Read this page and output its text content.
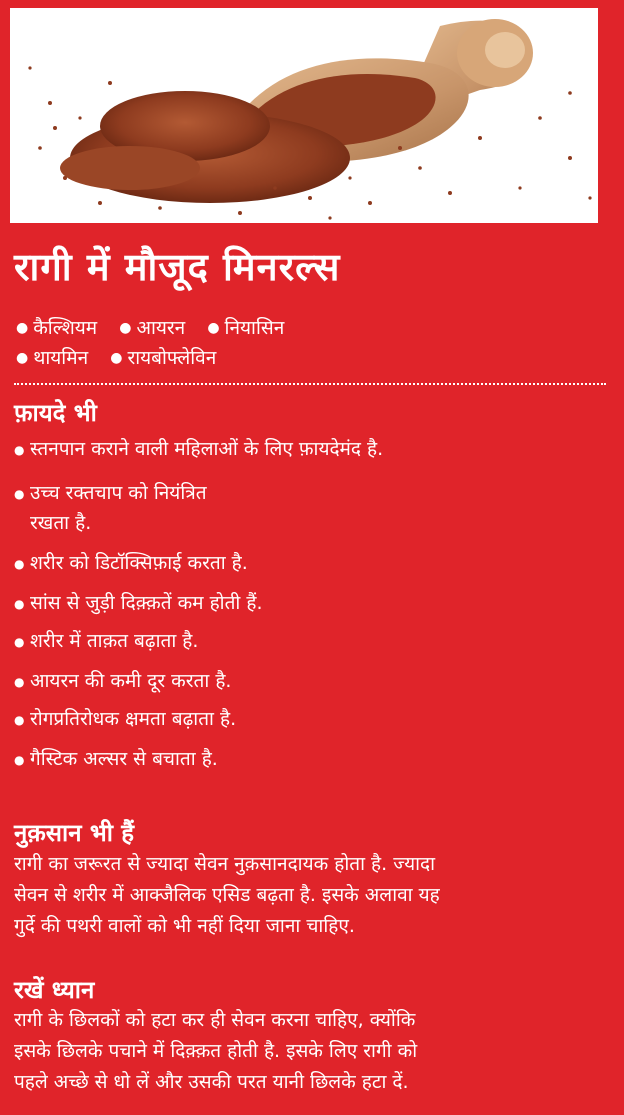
रागी में मौजूद मिनरल्स
● कैल्शियम ● आयरन ● नियासिन
● थायमिन ● रायबोफ्लेविन
फ़ायदे भी
● स्तनपान कराने वाली महिलाओं के लिए फ़ायदेमंद है.
● उच्च रक्तचाप को नियंत्रित
रखता है.
● शरीर को डिटॉक्सिफ़ाई करता है.
● सांस से जुड़ी दिक़्क़तें कम होती हैं.
● शरीर में ताक़त बढ़ाता है.
● आयरन की कमी दूर करता है.
● रोगप्रतिरोधक क्षमता बढ़ाता है.
● गैस्टिक अल्सर से बचाता है.
नुक़सान भी हैं
रागी का जरूरत से ज्यादा सेवन नुक़सानदायक होता है. ज्यादा
सेवन से शरीर में आक्जैलिक एसिड बढ़ता है. इसके अलावा यह
गुर्दे की पथरी वालों को भी नहीं दिया जाना चाहिए.
रखें ध्यान
रागी के छिलकों को हटा कर ही सेवन करना चाहिए, क्योंकि
इसके छिलके पचाने में दिक़्क़त होती है. इसके लिए रागी को
पहले अच्छे से धो लें और उसकी परत यानी छिलके हटा दें.
